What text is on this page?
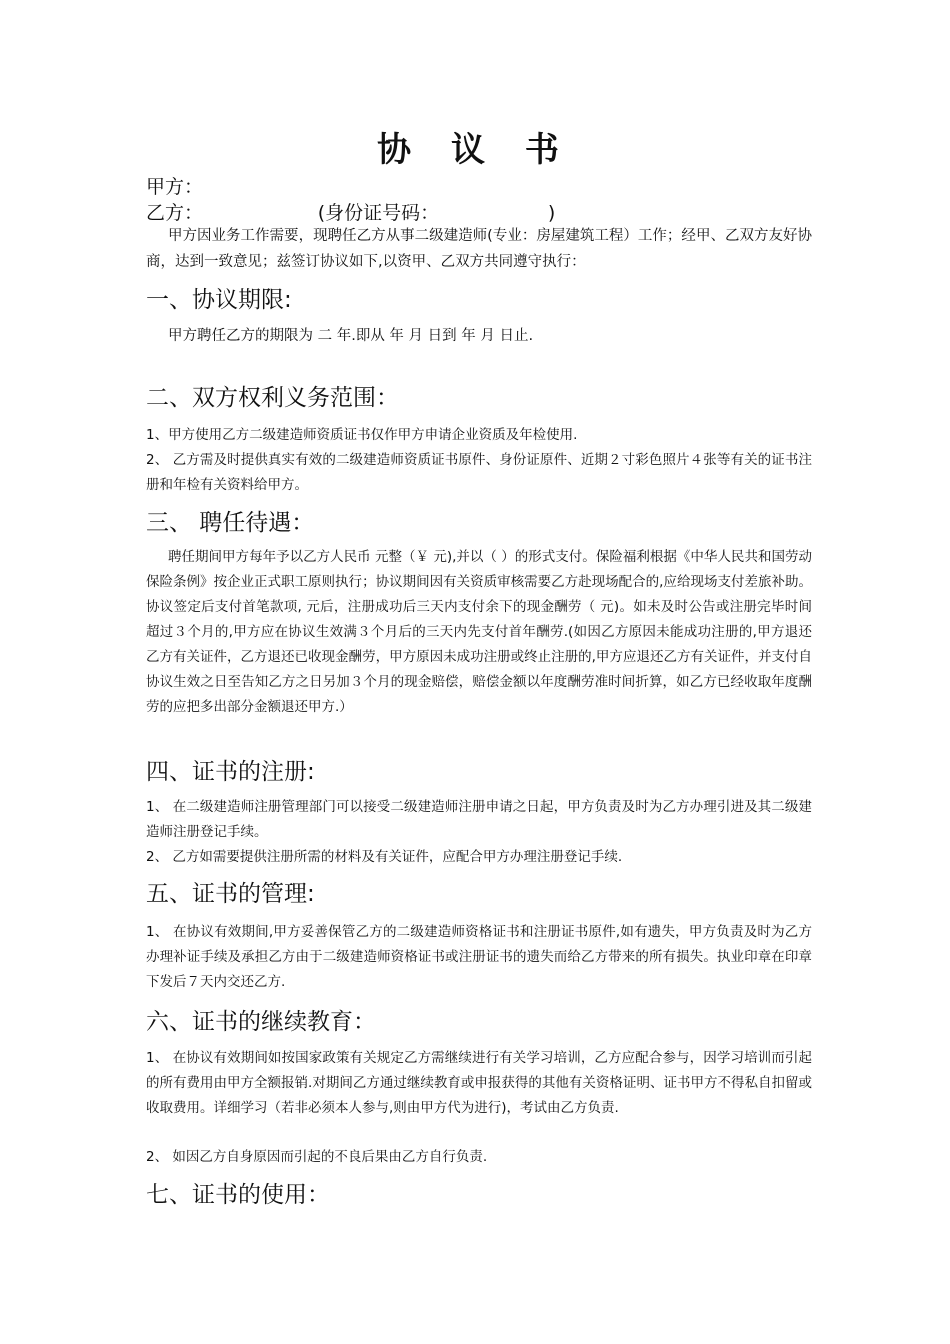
协 议 书
甲方：
乙方：                   (身份证号码：                  )
甲方因业务工作需要，现聘任乙方从事二级建造师(专业：房屋建筑工程）工作；经甲、乙双方友好协商，达到一致意见；兹签订协议如下,以资甲、乙双方共同遵守执行：
一、协议期限:
甲方聘任乙方的期限为 二 年.即从 年 月 日到 年 月 日止.
二、双方权利义务范围：
1、甲方使用乙方二级建造师资质证书仅作甲方申请企业资质及年检使用.
2、 乙方需及时提供真实有效的二级建造师资质证书原件、身份证原件、近期２寸彩色照片４张等有关的证书注册和年检有关资料给甲方。
三、 聘任待遇：
聘任期间甲方每年予以乙方人民币 元整（￥ 元),并以（ ）的形式支付。保险福利根据《中华人民共和国劳动保险条例》按企业正式职工原则执行；协议期间因有关资质审核需要乙方赴现场配合的,应给现场支付差旅补助。协议签定后支付首笔款项, 元后，注册成功后三天内支付余下的现金酬劳（ 元)。如未及时公告或注册完毕时间超过３个月的,甲方应在协议生效满３个月后的三天内先支付首年酬劳.(如因乙方原因未能成功注册的,甲方退还乙方有关证件，乙方退还已收现金酬劳，甲方原因未成功注册或终止注册的,甲方应退还乙方有关证件，并支付自协议生效之日至告知乙方之日另加３个月的现金赔偿，赔偿金额以年度酬劳准时间折算，如乙方已经收取年度酬劳的应把多出部分金额退还甲方.）
四、证书的注册:
1、 在二级建造师注册管理部门可以接受二级建造师注册申请之日起，甲方负责及时为乙方办理引进及其二级建造师注册登记手续。
2、 乙方如需要提供注册所需的材料及有关证件，应配合甲方办理注册登记手续.
五、证书的管理:
1、 在协议有效期间,甲方妥善保管乙方的二级建造师资格证书和注册证书原件,如有遗失，甲方负责及时为乙方办理补证手续及承担乙方由于二级建造师资格证书或注册证书的遗失而给乙方带来的所有损失。执业印章在印章下发后７天内交还乙方.
六、证书的继续教育：
1、 在协议有效期间如按国家政策有关规定乙方需继续进行有关学习培训，乙方应配合参与，因学习培训而引起的所有费用由甲方全额报销.对期间乙方通过继续教育或申报获得的其他有关资格证明、证书甲方不得私自扣留或收取费用。详细学习（若非必须本人参与,则由甲方代为进行)，考试由乙方负责.
2、 如因乙方自身原因而引起的不良后果由乙方自行负责.
七、证书的使用：
